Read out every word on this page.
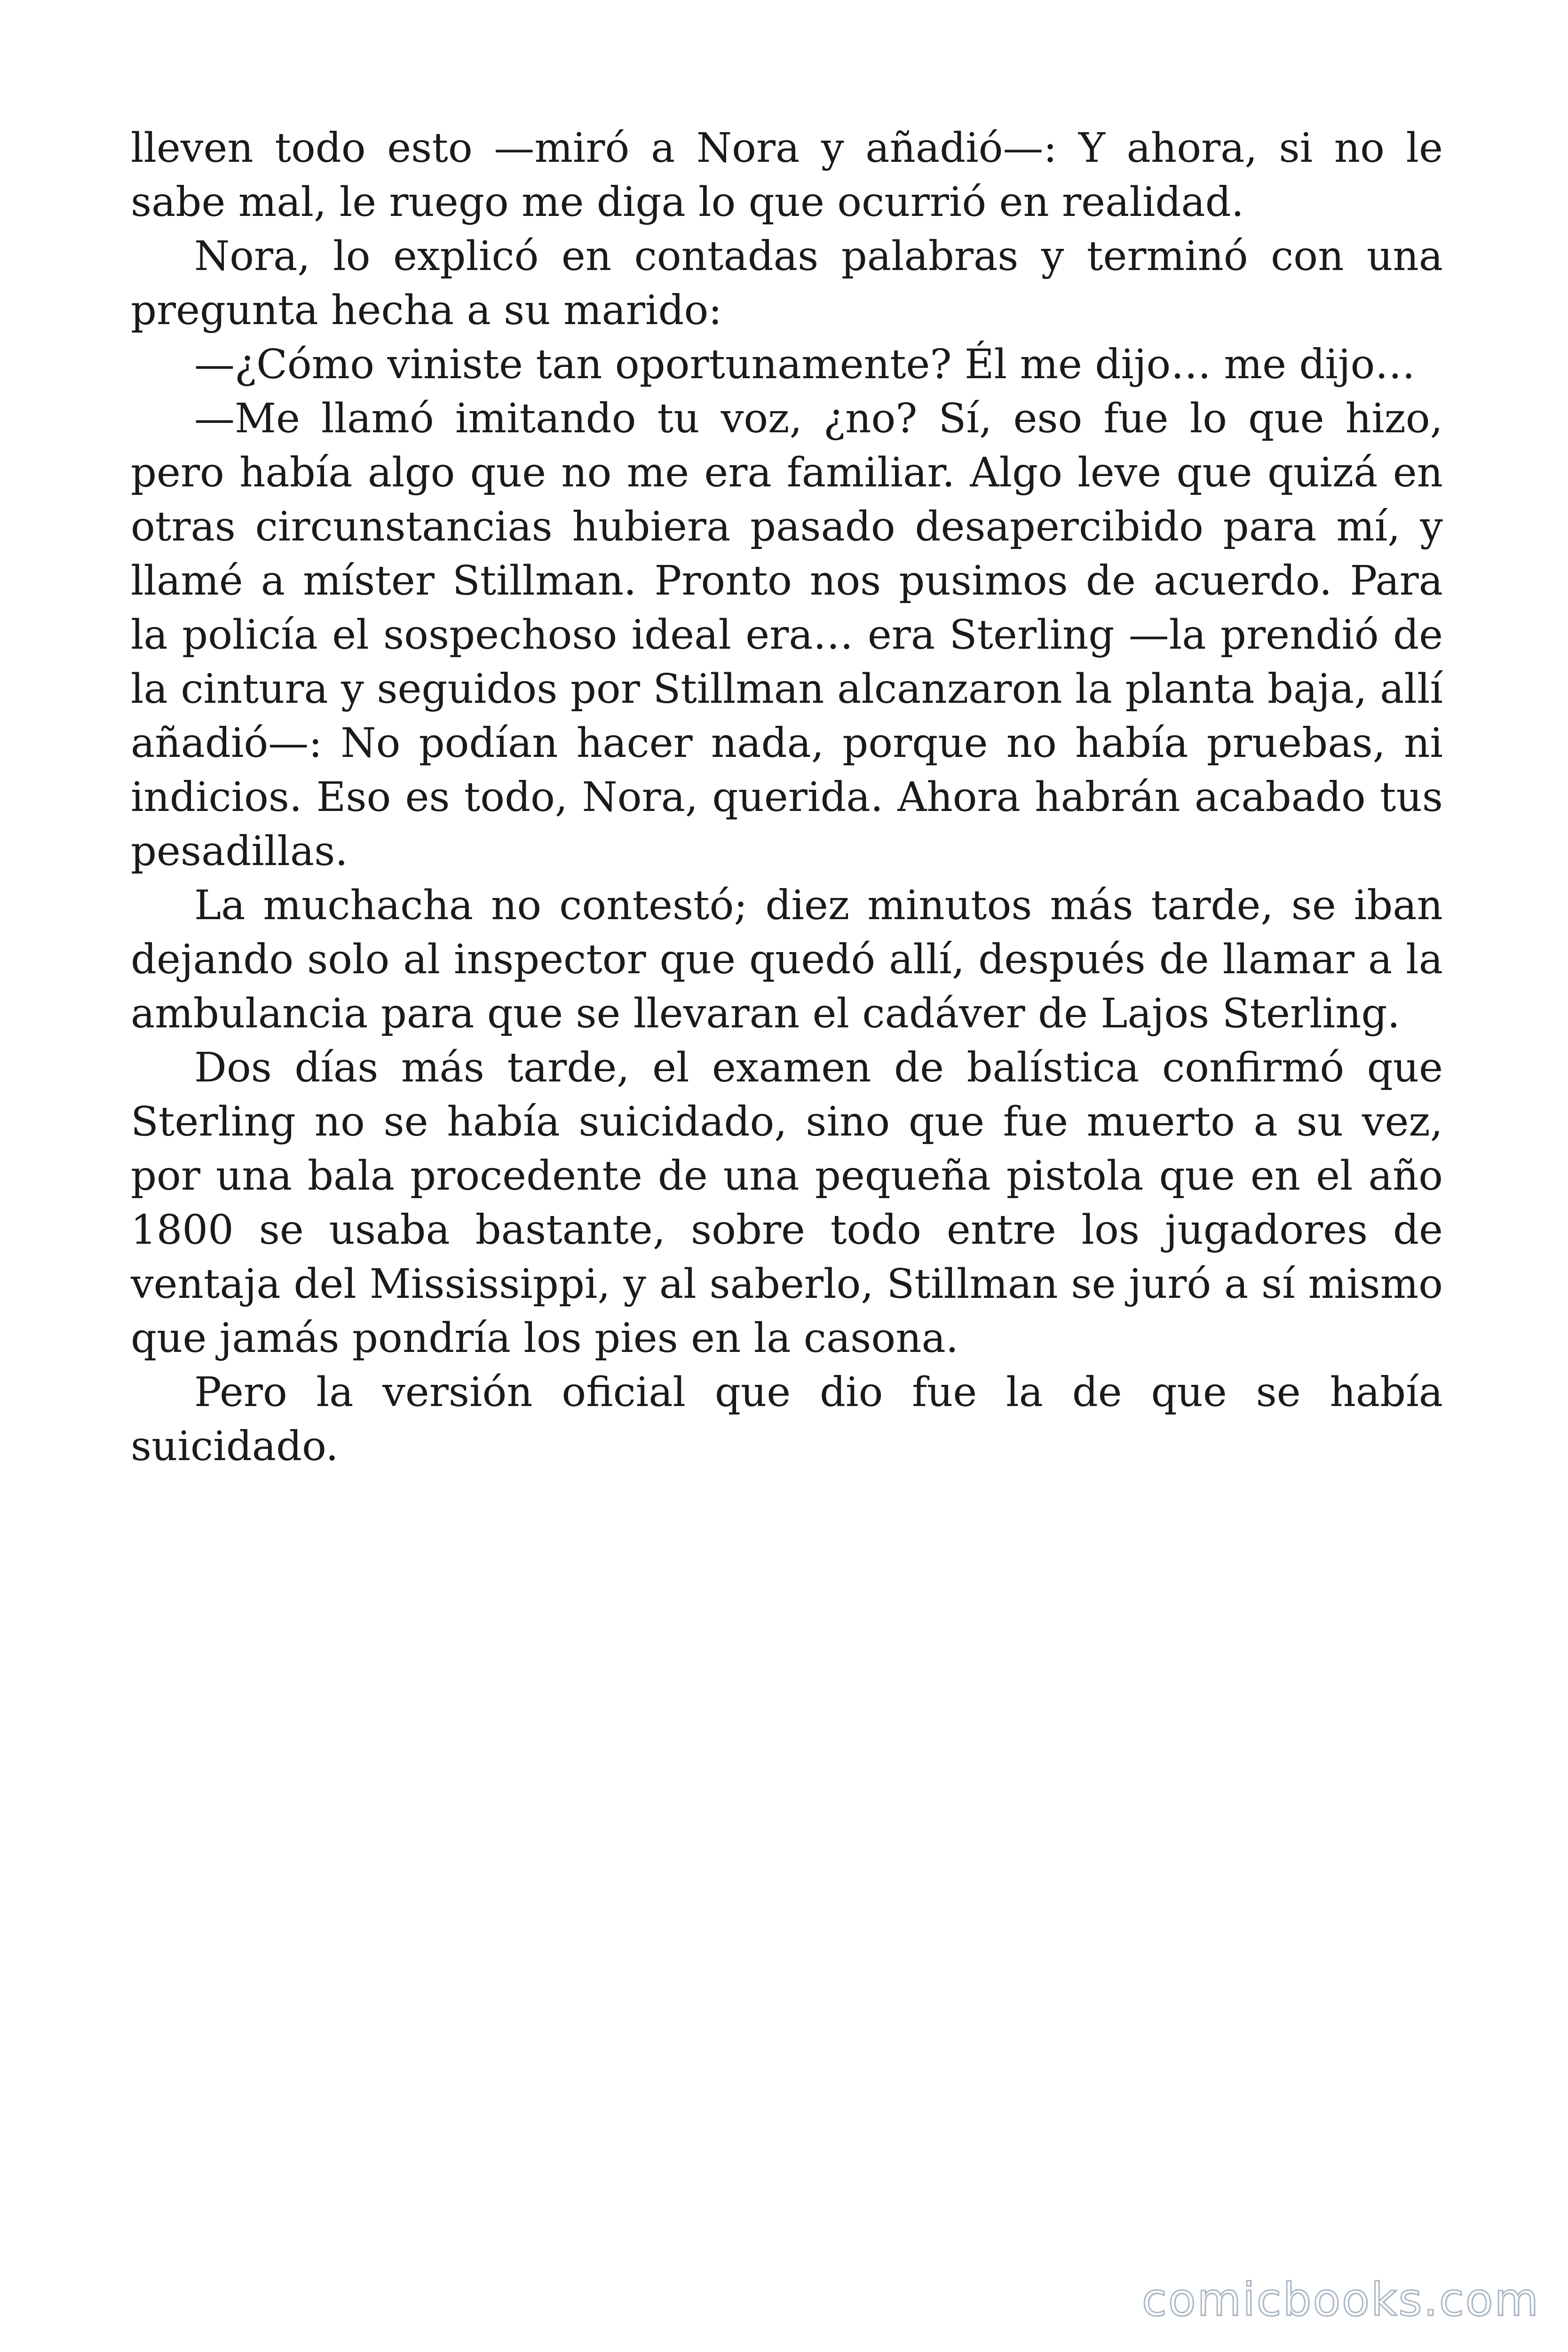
lleven todo esto —miró a Nora y añadió—: Y ahora, si no le sabe mal, le ruego me diga lo que ocurrió en realidad.

Nora, lo explicó en contadas palabras y terminó con una pregunta hecha a su marido:

—¿Cómo viniste tan oportunamente? Él me dijo… me dijo…

—Me llamó imitando tu voz, ¿no? Sí, eso fue lo que hizo, pero había algo que no me era familiar. Algo leve que quizá en otras circunstancias hubiera pasado desapercibido para mí, y llamé a míster Stillman. Pronto nos pusimos de acuerdo. Para la policía el sospechoso ideal era… era Sterling —la prendió de la cintura y seguidos por Stillman alcanzaron la planta baja, allí añadió—: No podían hacer nada, porque no había pruebas, ni indicios. Eso es todo, Nora, querida. Ahora habrán acabado tus pesadillas.

La muchacha no contestó; diez minutos más tarde, se iban dejando solo al inspector que quedó allí, después de llamar a la ambulancia para que se llevaran el cadáver de Lajos Sterling.

Dos días más tarde, el examen de balística confirmó que Sterling no se había suicidado, sino que fue muerto a su vez, por una bala procedente de una pequeña pistola que en el año 1800 se usaba bastante, sobre todo entre los jugadores de ventaja del Mississippi, y al saberlo, Stillman se juró a sí mismo que jamás pondría los pies en la casona.

Pero la versión oficial que dio fue la de que se había suicidado.

comicbooks.com
